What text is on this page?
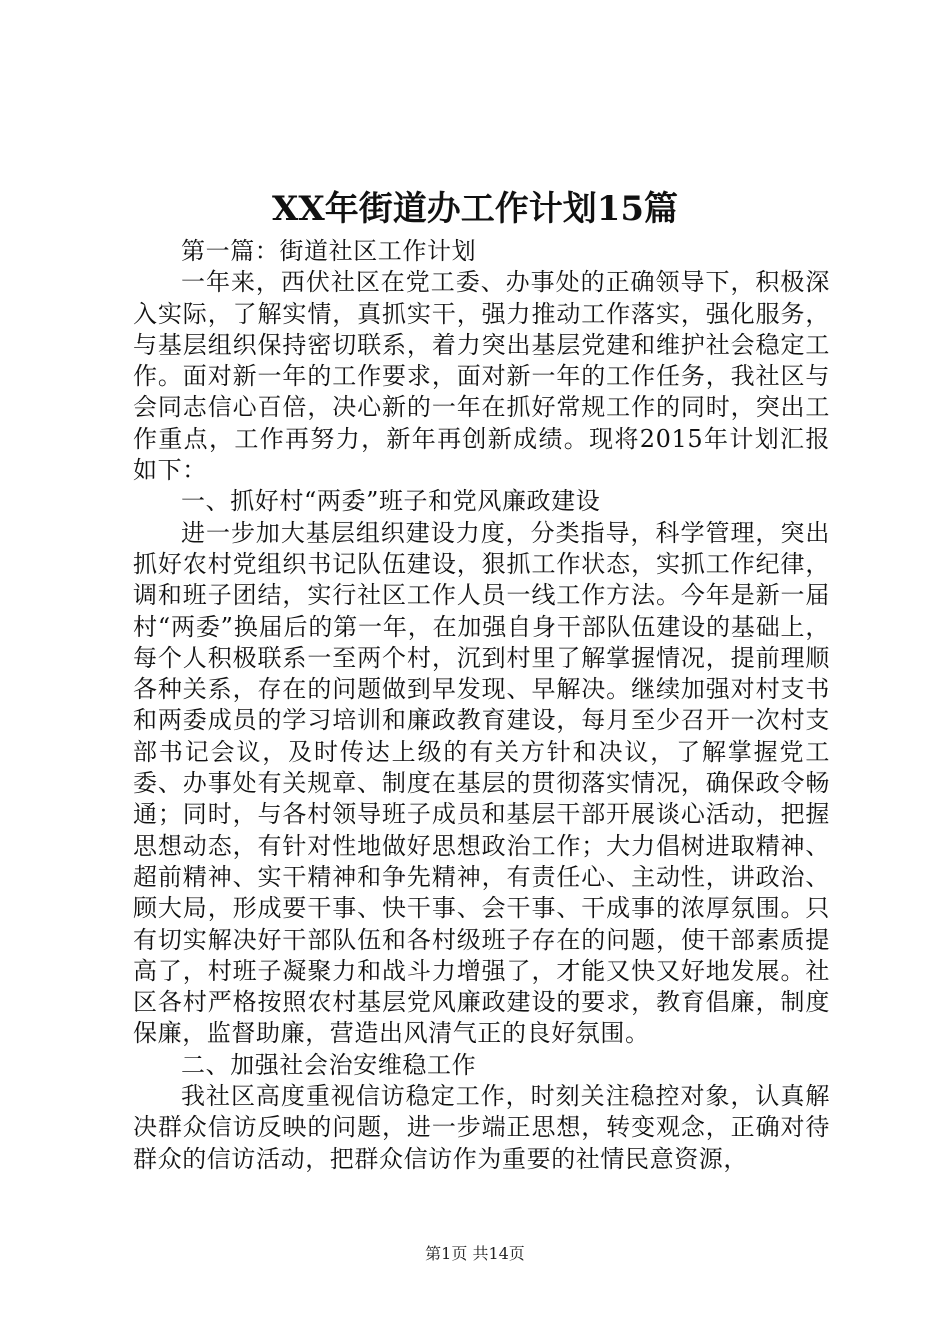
XX年街道办工作计划15篇

第一篇：街道社区工作计划

一年来，西伏社区在党工委、办事处的正确领导下，积极深入实际，了解实情，真抓实干，强力推动工作落实，强化服务，与基层组织保持密切联系，着力突出基层党建和维护社会稳定工作。面对新一年的工作要求，面对新一年的工作任务，我社区与会同志信心百倍，决心新的一年在抓好常规工作的同时，突出工作重点，工作再努力，新年再创新成绩。现将2015年计划汇报如下：

一、抓好村“两委”班子和党风廉政建设

进一步加大基层组织建设力度，分类指导，科学管理，突出抓好农村党组织书记队伍建设，狠抓工作状态，实抓工作纪律，调和班子团结，实行社区工作人员一线工作方法。今年是新一届村“两委”换届后的第一年，在加强自身干部队伍建设的基础上，每个人积极联系一至两个村，沉到村里了解掌握情况，提前理顺各种关系，存在的问题做到早发现、早解决。继续加强对村支书和两委成员的学习培训和廉政教育建设，每月至少召开一次村支部书记会议，及时传达上级的有关方针和决议，了解掌握党工委、办事处有关规章、制度在基层的贯彻落实情况，确保政令畅通；同时，与各村领导班子成员和基层干部开展谈心活动，把握思想动态，有针对性地做好思想政治工作；大力倡树进取精神、超前精神、实干精神和争先精神，有责任心、主动性，讲政治、顾大局，形成要干事、快干事、会干事、干成事的浓厚氛围。只有切实解决好干部队伍和各村级班子存在的问题，使干部素质提高了，村班子凝聚力和战斗力增强了，才能又快又好地发展。社区各村严格按照农村基层党风廉政建设的要求，教育倡廉，制度保廉，监督助廉，营造出风清气正的良好氛围。

二、加强社会治安维稳工作

我社区高度重视信访稳定工作，时刻关注稳控对象，认真解决群众信访反映的问题，进一步端正思想，转变观念，正确对待群众的信访活动，把群众信访作为重要的社情民意资源，

第1页 共14页
